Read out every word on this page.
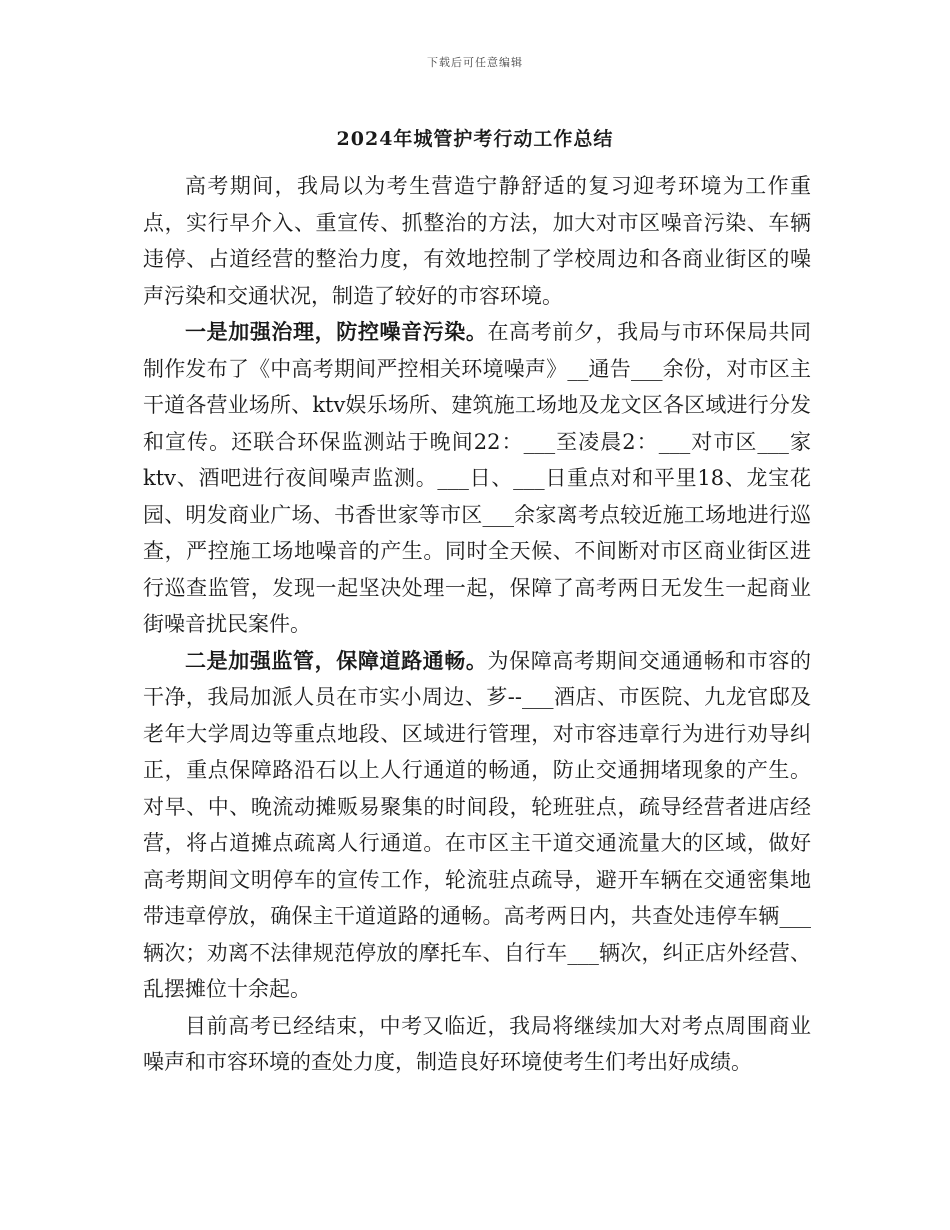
下载后可任意编辑
2024年城管护考行动工作总结

高考期间，我局以为考生营造宁静舒适的复习迎考环境为工作重点，实行早介入、重宣传、抓整治的方法，加大对市区噪音污染、车辆违停、占道经营的整治力度，有效地控制了学校周边和各商业街区的噪声污染和交通状况，制造了较好的市容环境。

一是加强治理，防控噪音污染。在高考前夕，我局与市环保局共同制作发布了《中高考期间严控相关环境噪声》__通告___余份，对市区主干道各营业场所、ktv娱乐场所、建筑施工场地及龙文区各区域进行分发和宣传。还联合环保监测站于晚间22：___至凌晨2：___对市区___家ktv、酒吧进行夜间噪声监测。___日、___日重点对和平里18、龙宝花园、明发商业广场、书香世家等市区___余家离考点较近施工场地进行巡查，严控施工场地噪音的产生。同时全天候、不间断对市区商业街区进行巡查监管，发现一起坚决处理一起，保障了高考两日无发生一起商业街噪音扰民案件。

二是加强监管，保障道路通畅。为保障高考期间交通通畅和市容的干净，我局加派人员在市实小周边、芗--___酒店、市医院、九龙官邸及老年大学周边等重点地段、区域进行管理，对市容违章行为进行劝导纠正，重点保障路沿石以上人行通道的畅通，防止交通拥堵现象的产生。对早、中、晚流动摊贩易聚集的时间段，轮班驻点，疏导经营者进店经营，将占道摊点疏离人行通道。在市区主干道交通流量大的区域，做好高考期间文明停车的宣传工作，轮流驻点疏导，避开车辆在交通密集地带违章停放，确保主干道道路的通畅。高考两日内，共查处违停车辆___辆次；劝离不法律规范停放的摩托车、自行车___辆次，纠正店外经营、乱摆摊位十余起。

目前高考已经结束，中考又临近，我局将继续加大对考点周围商业噪声和市容环境的查处力度，制造良好环境使考生们考出好成绩。
